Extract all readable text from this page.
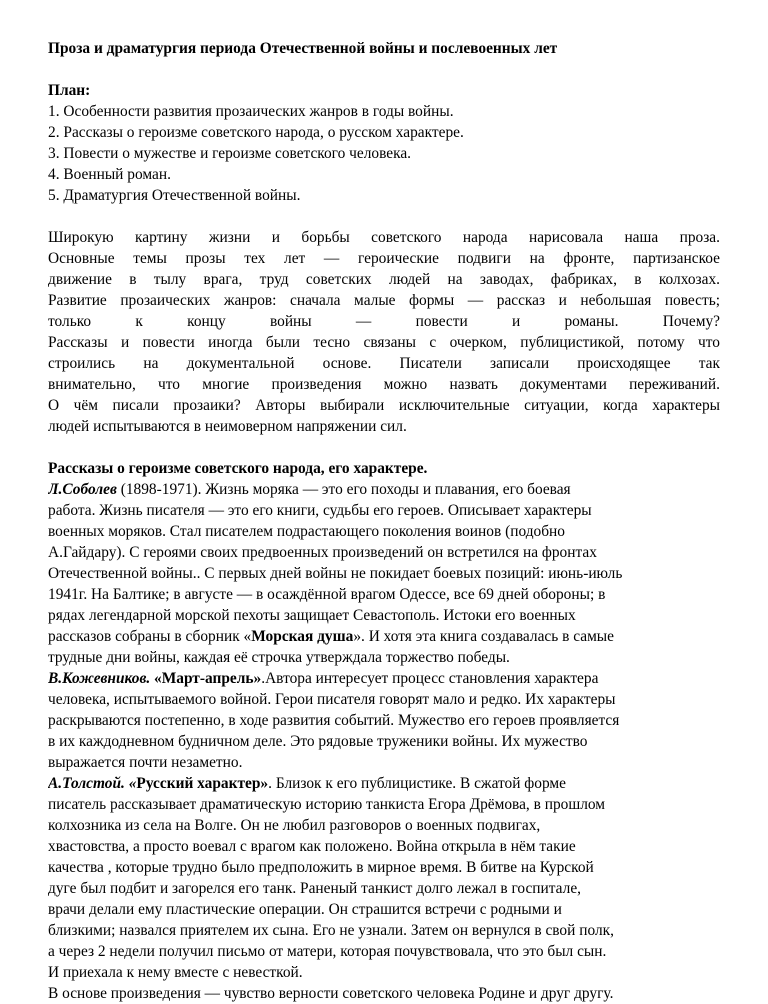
Проза и драматургия периода Отечественной войны и послевоенных лет
План:
1. Особенности развития прозаических жанров в годы войны.
2. Рассказы о героизме советского народа, о русском характере.
3. Повести о мужестве и героизме советского человека.
4. Военный роман.
5. Драматургия Отечественной войны.
Широкую картину жизни и борьбы советского народа нарисовала наша проза.
Основные темы прозы тех лет — героические подвиги на фронте, партизанское
движение в тылу врага, труд советских людей на заводах, фабриках, в колхозах.
Развитие прозаических жанров: сначала малые формы — рассказ и небольшая повесть;
только к концу войны — повести и романы. Почему?
Рассказы и повести иногда были тесно связаны с очерком, публицистикой, потому что
строились на документальной основе. Писатели записали происходящее так
внимательно, что многие произведения можно назвать документами переживаний.
О чём писали прозаики? Авторы выбирали исключительные ситуации, когда характеры
людей испытываются в неимоверном напряжении сил.
Рассказы о героизме советского народа, его характере.
Л.Соболев (1898-1971). Жизнь моряка — это его походы и плавания, его боевая
работа. Жизнь писателя — это его книги, судьбы его героев. Описывает характеры
военных моряков. Стал писателем подрастающего поколения воинов (подобно
А.Гайдару). С героями своих предвоенных произведений он встретился на фронтах
Отечественной войны.. С первых дней войны не покидает боевых позиций: июнь-июль
1941г. На Балтике; в августе — в осаждённой врагом Одессе, все 69 дней обороны; в
рядах легендарной морской пехоты защищает Севастополь. Истоки его военных
рассказов собраны в сборник «Морская душа». И хотя эта книга создавалась в самые
трудные дни войны, каждая её строчка утверждала торжество победы.
В.Кожевников. «Март-апрель».Автора интересует процесс становления характера
человека, испытываемого войной. Герои писателя говорят мало и редко. Их характеры
раскрываются постепенно, в ходе развития событий. Мужество его героев проявляется
в их каждодневном будничном деле. Это рядовые труженики войны. Их мужество
выражается почти незаметно.
А.Толстой. «Русский характер». Близок к его публицистике. В сжатой форме
писатель рассказывает драматическую историю танкиста Егора Дрёмова, в прошлом
колхозника из села на Волге. Он не любил разговоров о военных подвигах,
хвастовства, а просто воевал с врагом как положено. Война открыла в нём такие
качества , которые трудно было предположить в мирное время. В битве на Курской
дуге был подбит и загорелся его танк. Раненый танкист долго лежал в госпитале,
врачи делали ему пластические операции. Он страшится встречи с родными и
близкими; назвался приятелем их сына. Его не узнали. Затем он вернулся в свой полк,
а через 2 недели получил письмо от матери, которая почувствовала, что это был сын.
И приехала к нему вместе с невесткой.
В основе произведения — чувство верности советского человека Родине и друг другу.
